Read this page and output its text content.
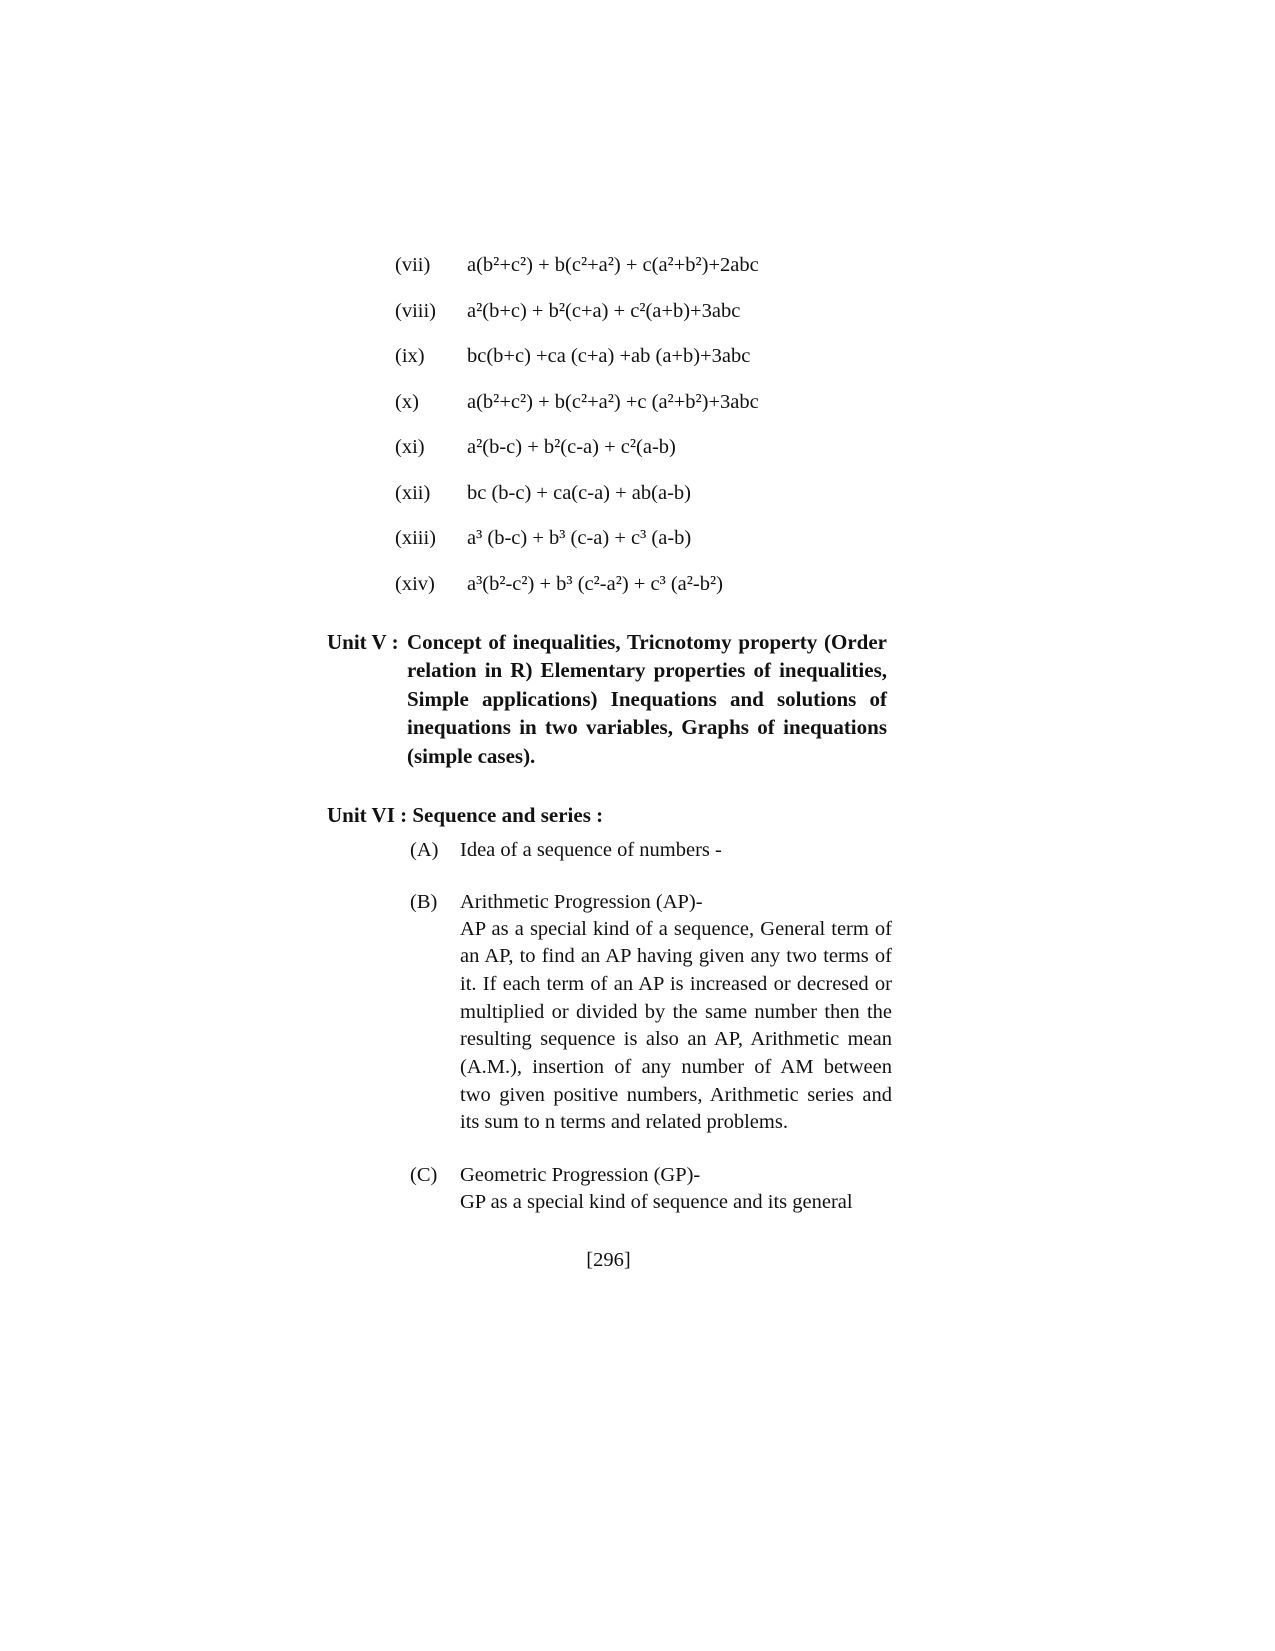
(vii)	a(b²+c²) + b(c²+a²) + c(a²+b²)+2abc
(viii)	a²(b+c) + b²(c+a) + c²(a+b)+3abc
(ix)	bc(b+c) +ca (c+a) +ab (a+b)+3abc
(x)	a(b²+c²) + b(c²+a²) +c (a²+b²)+3abc
(xi)	a²(b-c) + b²(c-a) + c²(a-b)
(xii)	bc (b-c) + ca(c-a) + ab(a-b)
(xiii)	a³ (b-c) + b³ (c-a) + c³ (a-b)
(xiv)	a³(b²-c²) + b³ (c²-a²) + c³ (a²-b²)
Unit V : Concept of inequalities, Tricnotomy property (Order relation in R) Elementary properties of inequalities, Simple applications) Inequations and solutions of inequations in two variables, Graphs of inequations (simple cases).
Unit VI : Sequence and series :
(A)	Idea of a sequence of numbers -
(B)	Arithmetic Progression (AP)-
AP as a special kind of a sequence, General term of an AP, to find an AP having given any two terms of it. If each term of an AP is increased or decresed or multiplied or divided by the same number then the resulting sequence is also an AP, Arithmetic mean (A.M.), insertion of any number of AM between two given positive numbers, Arithmetic series and its sum to n terms and related problems.
(C)	Geometric Progression (GP)-
GP as a special kind of sequence and its general
[296]
